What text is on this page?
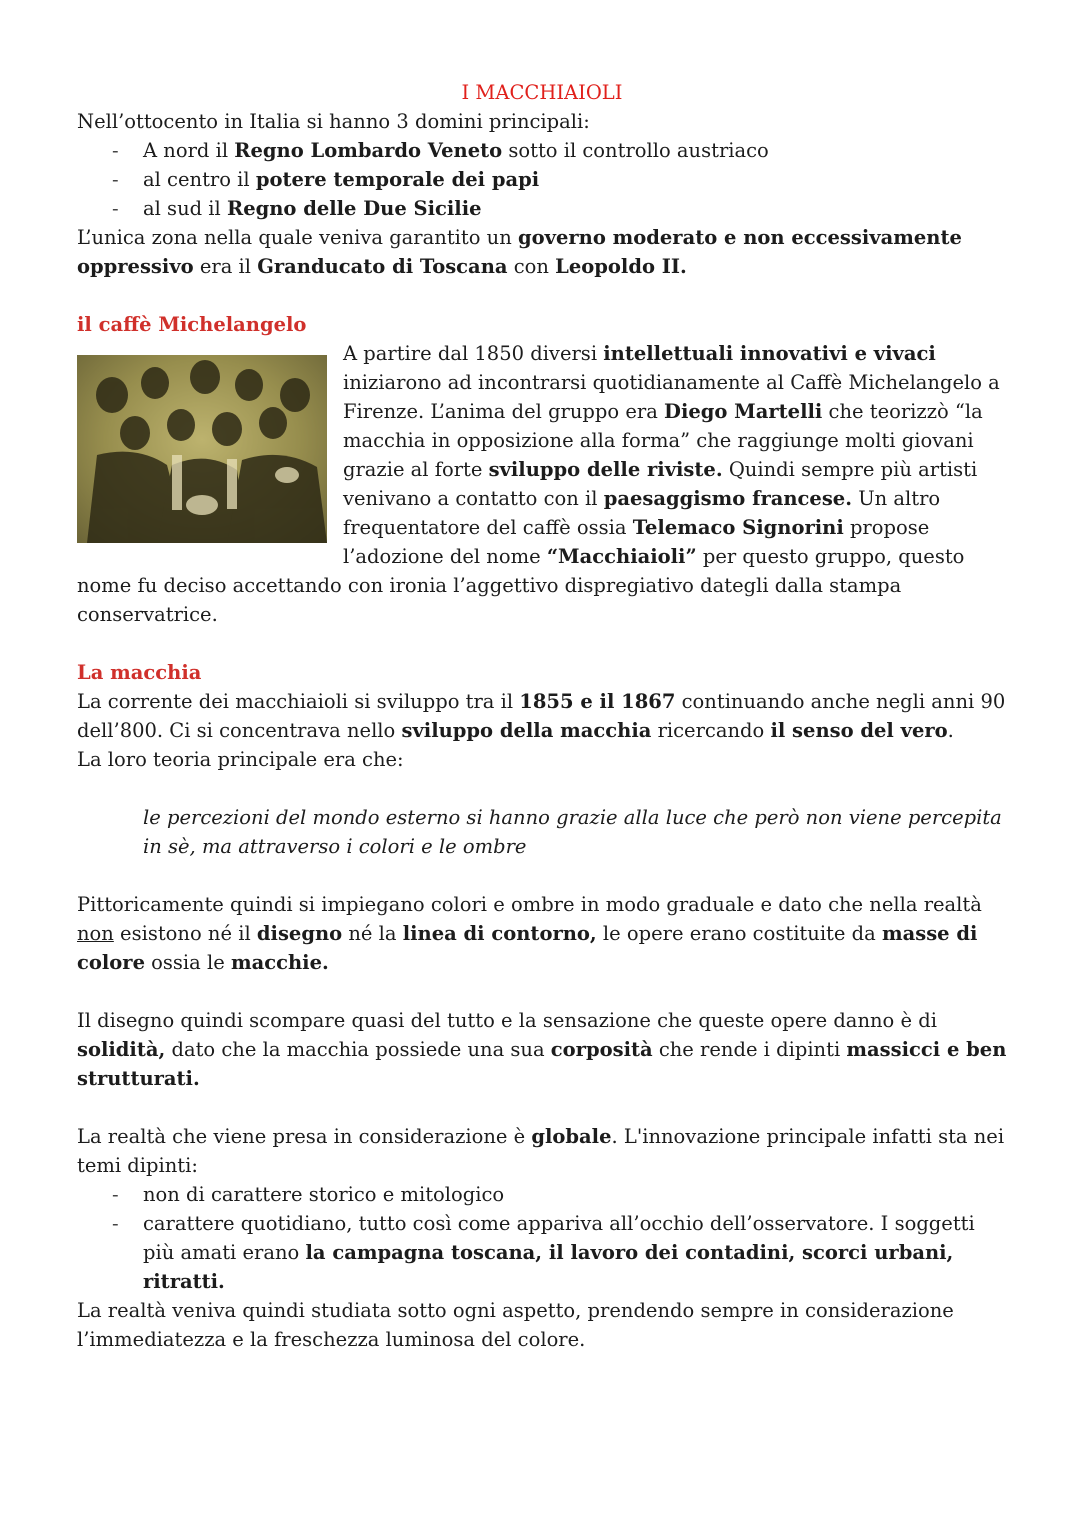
I MACCHIAIOLI

Nell’ottocento in Italia si hanno 3 domini principali:

- A nord il Regno Lombardo Veneto sotto il controllo austriaco
- al centro il potere temporale dei papi
- al sud il Regno delle Due Sicilie

L’unica zona nella quale veniva garantito un governo moderato e non eccessivamente oppressivo era il Granducato di Toscana con Leopoldo II.

il caffè Michelangelo

A partire dal 1850 diversi intellettuali innovativi e vivaci iniziarono ad incontrarsi quotidianamente al Caffè Michelangelo a Firenze. L’anima del gruppo era Diego Martelli che teorizzò “la macchia in opposizione alla forma” che raggiunge molti giovani grazie al forte sviluppo delle riviste. Quindi sempre più artisti venivano a contatto con il paesaggismo francese. Un altro frequentatore del caffè ossia Telemaco Signorini propose l’adozione del nome “Macchiaioli” per questo gruppo, questo nome fu deciso accettando con ironia l’aggettivo dispregiativo dategli dalla stampa conservatrice.

La macchia

La corrente dei macchiaioli si sviluppo tra il 1855 e il 1867 continuando anche negli anni 90 dell’800. Ci si concentrava nello sviluppo della macchia ricercando il senso del vero.

La loro teoria principale era che:

le percezioni del mondo esterno si hanno grazie alla luce che però non viene percepita in sè, ma attraverso i colori e le ombre

Pittoricamente quindi si impiegano colori e ombre in modo graduale e dato che nella realtà non esistono né il disegno né la linea di contorno, le opere erano costituite da masse di colore ossia le macchie.

Il disegno quindi scompare quasi del tutto e la sensazione che queste opere danno è di solidità, dato che la macchia possiede una sua corposità che rende i dipinti massicci e ben strutturati.

La realtà che viene presa in considerazione è globale. L'innovazione principale infatti sta nei temi dipinti:

- non di carattere storico e mitologico
- carattere quotidiano, tutto così come appariva all’occhio dell’osservatore. I soggetti più amati erano la campagna toscana, il lavoro dei contadini, scorci urbani, ritratti.

La realtà veniva quindi studiata sotto ogni aspetto, prendendo sempre in considerazione l’immediatezza e la freschezza luminosa del colore.
